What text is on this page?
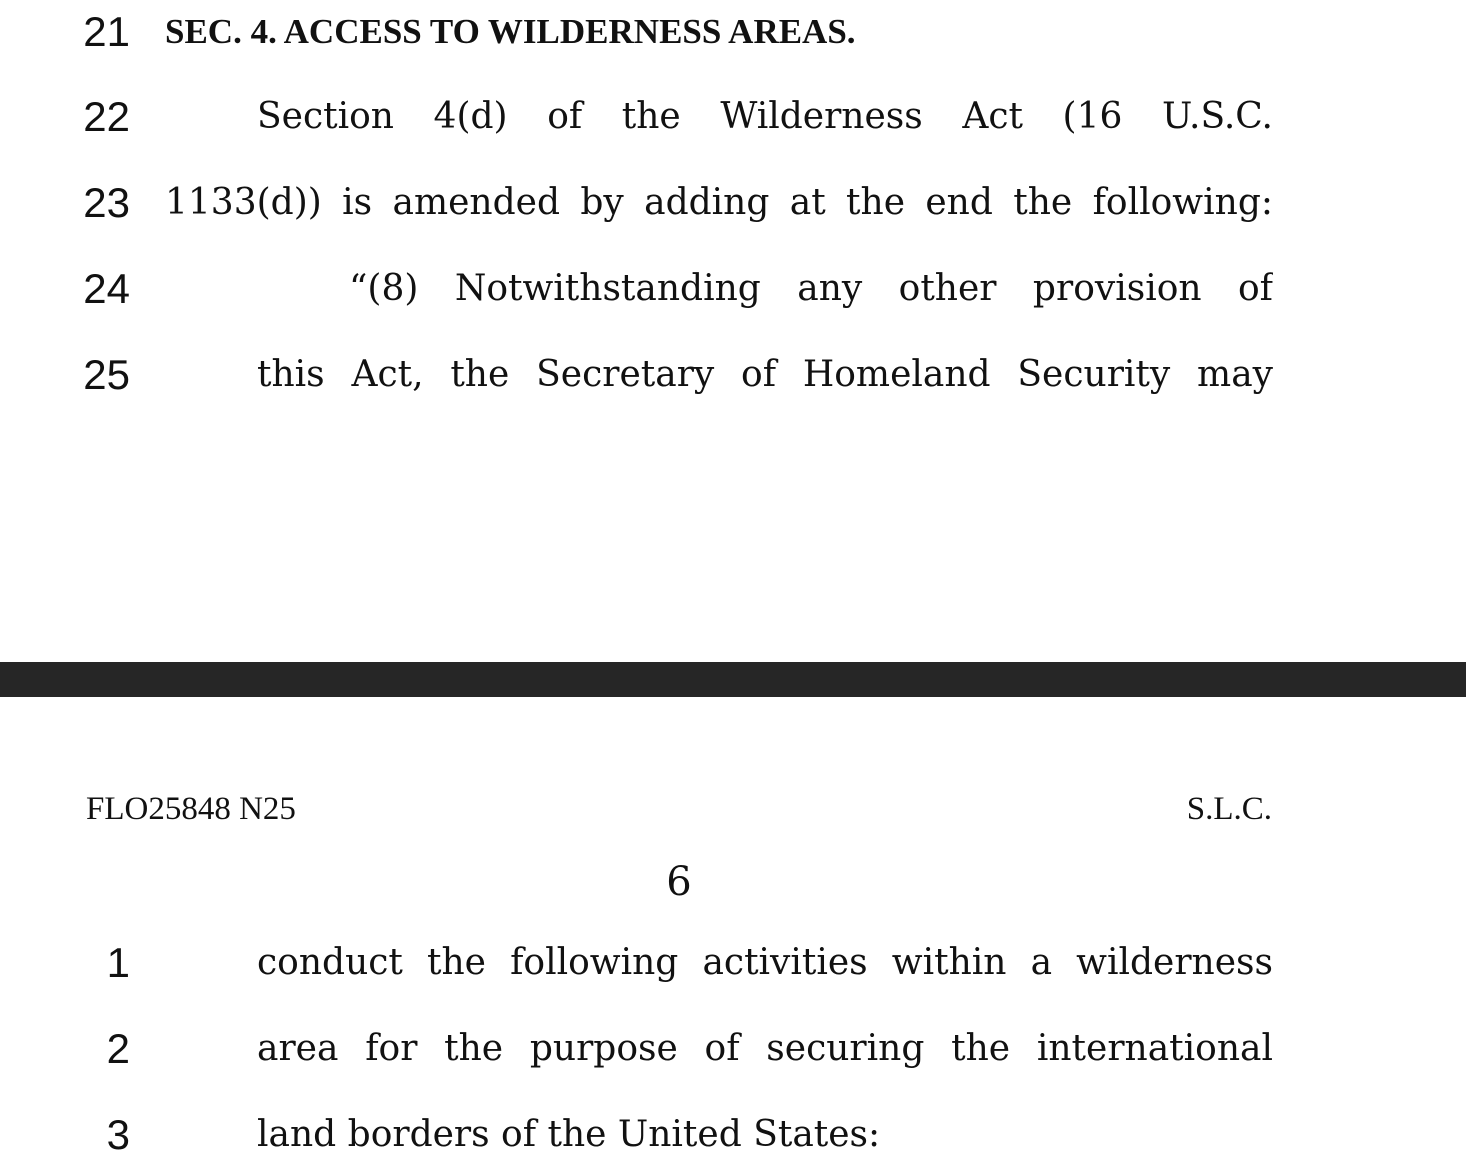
21 SEC. 4. ACCESS TO WILDERNESS AREAS.
22	Section 4(d) of the Wilderness Act (16 U.S.C.
23 1133(d)) is amended by adding at the end the following:
24	“(8) Notwithstanding any other provision of
25	this Act, the Secretary of Homeland Security may
FLO25848 N25	S.L.C.
6
1	conduct the following activities within a wilderness
2	area for the purpose of securing the international
3	land borders of the United States:
